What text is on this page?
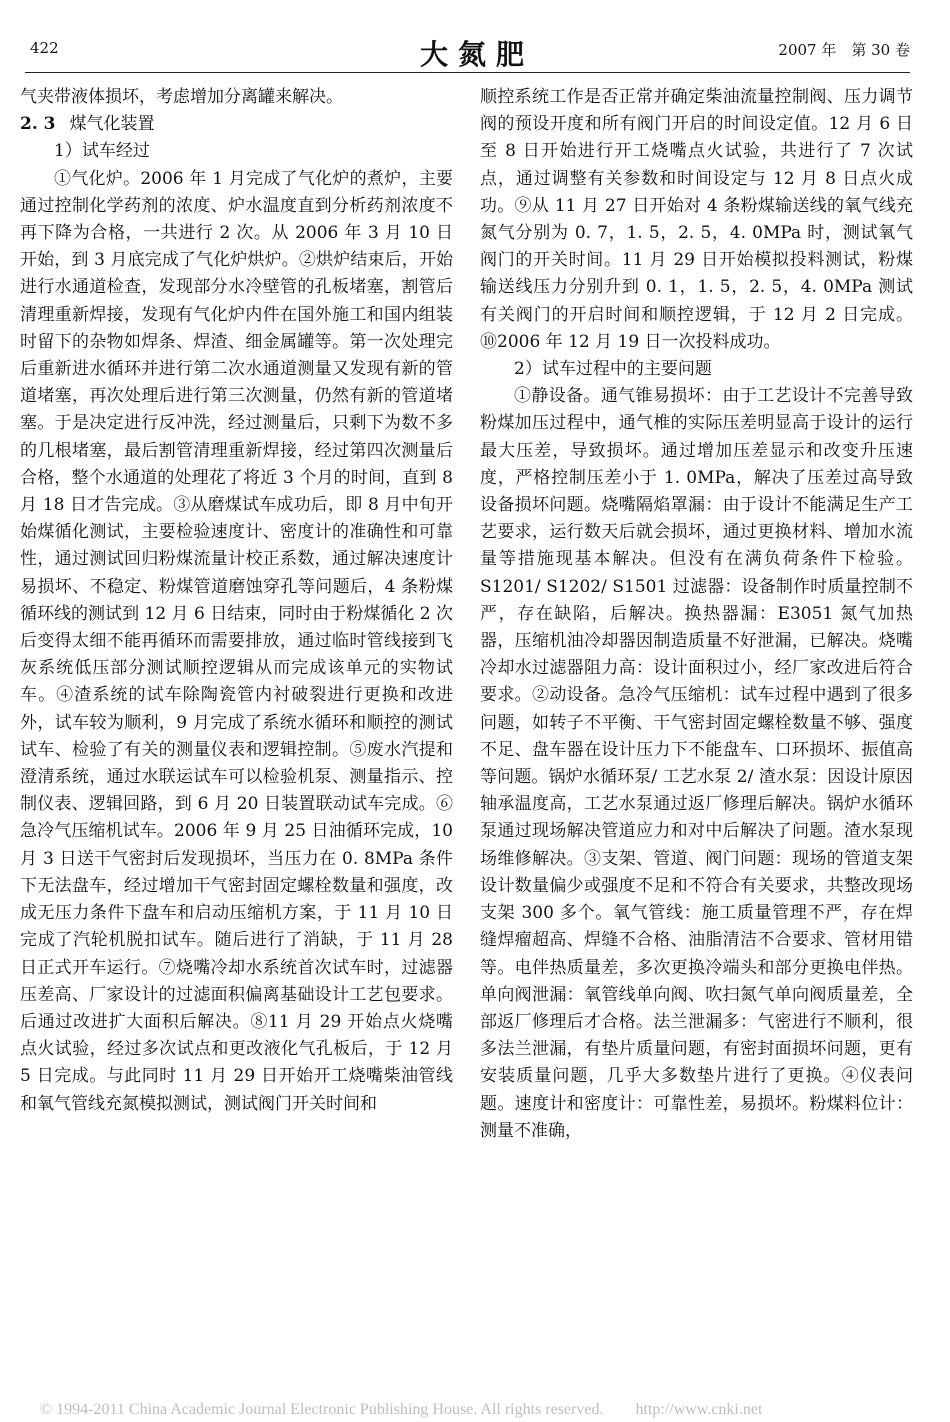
422	大氮肥	2007 年　第 30 卷

气夹带液体损坏，考虑增加分离罐来解决。

2. 3 煤气化装置

1）试车经过

①气化炉。2006 年 1 月完成了气化炉的煮炉，主要通过控制化学药剂的浓度、炉水温度直到分析药剂浓度不再下降为合格，一共进行 2 次。从 2006 年 3 月 10 日开始，到 3 月底完成了气化炉烘炉。②烘炉结束后，开始进行水通道检查，发现部分水冷壁管的孔板堵塞，割管后清理重新焊接，发现有气化炉内件在国外施工和国内组装时留下的杂物如焊条、焊渣、细金属罐等。第一次处理完后重新进水循环并进行第二次水通道测量又发现有新的管道堵塞，再次处理后进行第三次测量，仍然有新的管道堵塞。于是决定进行反冲洗，经过测量后，只剩下为数不多的几根堵塞，最后割管清理重新焊接，经过第四次测量后合格，整个水通道的处理花了将近 3 个月的时间，直到 8 月 18 日才告完成。③从磨煤试车成功后，即 8 月中旬开始煤循化测试，主要检验速度计、密度计的准确性和可靠性，通过测试回归粉煤流量计校正系数，通过解决速度计易损坏、不稳定、粉煤管道磨蚀穿孔等问题后，4 条粉煤循环线的测试到 12 月 6 日结束，同时由于粉煤循化 2 次后变得太细不能再循环而需要排放，通过临时管线接到飞灰系统低压部分测试顺控逻辑从而完成该单元的实物试车。④渣系统的试车除陶瓷管内衬破裂进行更换和改进外，试车较为顺利，9 月完成了系统水循环和顺控的测试试车、检验了有关的测量仪表和逻辑控制。⑤废水汽提和澄清系统，通过水联运试车可以检验机泵、测量指示、控制仪表、逻辑回路，到 6 月 20 日装置联动试车完成。⑥急冷气压缩机试车。2006 年 9 月 25 日油循环完成，10 月 3 日送干气密封后发现损坏，当压力在 0. 8MPa 条件下无法盘车，经过增加干气密封固定螺栓数量和强度，改成无压力条件下盘车和启动压缩机方案，于 11 月 10 日完成了汽轮机脱扣试车。随后进行了消缺，于 11 月 28 日正式开车运行。⑦烧嘴冷却水系统首次试车时，过滤器压差高、厂家设计的过滤面积偏离基础设计工艺包要求。后通过改进扩大面积后解决。⑧11 月 29 开始点火烧嘴点火试验，经过多次试点和更改液化气孔板后，于 12 月 5 日完成。与此同时 11 月 29 日开始开工烧嘴柴油管线和氧气管线充氮模拟测试，测试阀门开关时间和

顺控系统工作是否正常并确定柴油流量控制阀、压力调节阀的预设开度和所有阀门开启的时间设定值。12 月 6 日至 8 日开始进行开工烧嘴点火试验，共进行了 7 次试点，通过调整有关参数和时间设定与 12 月 8 日点火成功。⑨从 11 月 27 日开始对 4 条粉煤输送线的氧气线充氮气分别为 0. 7，1. 5，2. 5，4. 0MPa 时，测试氧气阀门的开关时间。11 月 29 日开始模拟投料测试，粉煤输送线压力分别升到 0. 1，1. 5，2. 5，4. 0MPa 测试有关阀门的开启时间和顺控逻辑，于 12 月 2 日完成。⑩2006 年 12 月 19 日一次投料成功。

2）试车过程中的主要问题

①静设备。通气锥易损坏：由于工艺设计不完善导致粉煤加压过程中，通气椎的实际压差明显高于设计的运行最大压差，导致损坏。通过增加压差显示和改变升压速度，严格控制压差小于 1. 0MPa，解决了压差过高导致设备损坏问题。烧嘴隔焰罩漏：由于设计不能满足生产工艺要求，运行数天后就会损坏，通过更换材料、增加水流量等措施现基本解决。但没有在满负荷条件下检验。S1201/ S1202/ S1501 过滤器：设备制作时质量控制不严，存在缺陷，后解决。换热器漏：E3051 氮气加热器，压缩机油冷却器因制造质量不好泄漏，已解决。烧嘴冷却水过滤器阻力高：设计面积过小，经厂家改进后符合要求。②动设备。急冷气压缩机：试车过程中遇到了很多问题，如转子不平衡、干气密封固定螺栓数量不够、强度不足、盘车器在设计压力下不能盘车、口环损坏、振值高等问题。锅炉水循环泵/ 工艺水泵 2/ 渣水泵：因设计原因轴承温度高，工艺水泵通过返厂修理后解决。锅炉水循环泵通过现场解决管道应力和对中后解决了问题。渣水泵现场维修解决。③支架、管道、阀门问题：现场的管道支架设计数量偏少或强度不足和不符合有关要求，共整改现场支架 300 多个。氧气管线：施工质量管理不严，存在焊缝焊瘤超高、焊缝不合格、油脂清洁不合要求、管材用错等。电伴热质量差，多次更换冷端头和部分更换电伴热。单向阀泄漏：氧管线单向阀、吹扫氮气单向阀质量差，全部返厂修理后才合格。法兰泄漏多：气密进行不顺利，很多法兰泄漏，有垫片质量问题，有密封面损坏问题，更有安装质量问题，几乎大多数垫片进行了更换。④仪表问题。速度计和密度计：可靠性差，易损坏。粉煤料位计：测量不准确，

© 1994-2011 China Academic Journal Electronic Publishing House. All rights reserved.　　http://www.cnki.net
